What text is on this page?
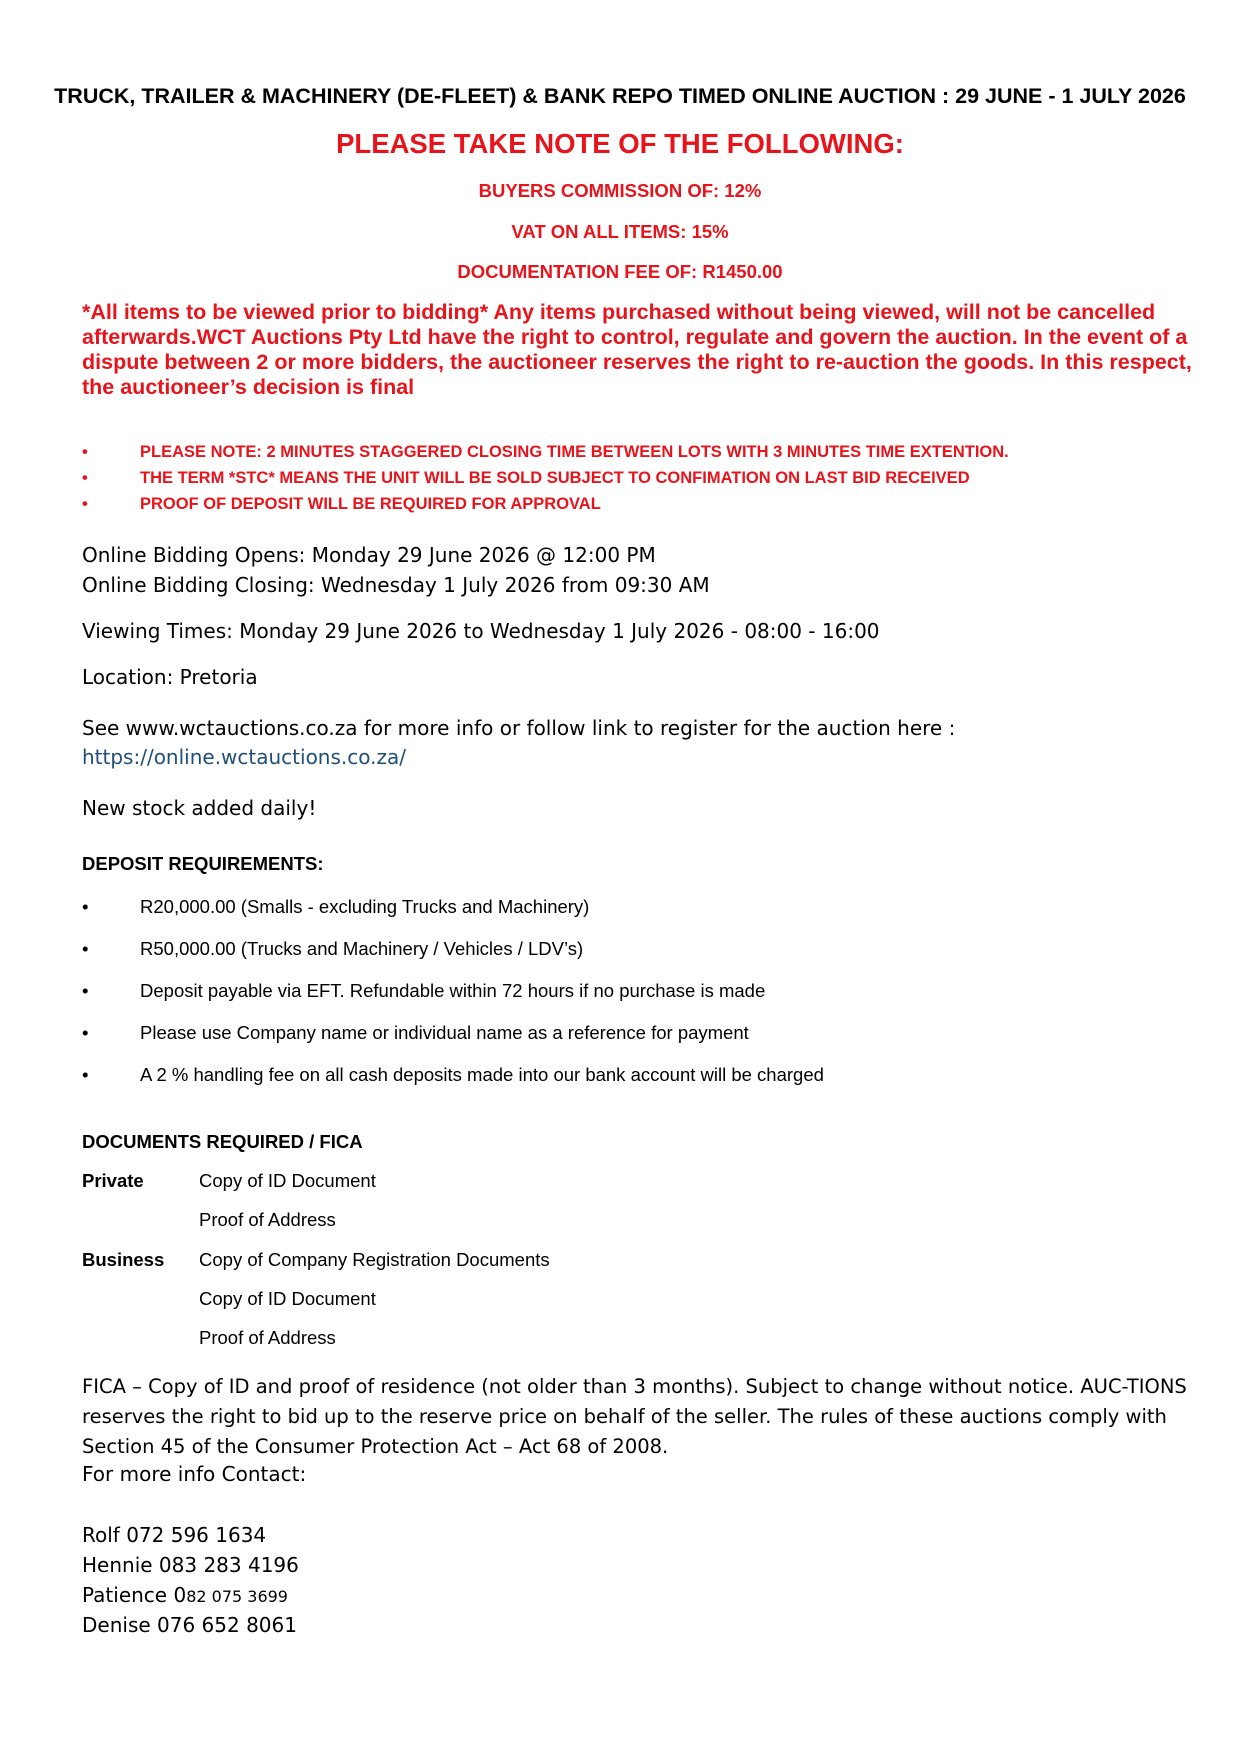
TRUCK, TRAILER & MACHINERY (DE-FLEET) & BANK REPO TIMED ONLINE AUCTION : 29 JUNE - 1 JULY 2026
PLEASE TAKE NOTE OF THE FOLLOWING:
BUYERS COMMISSION OF: 12%
VAT ON ALL ITEMS: 15%
DOCUMENTATION FEE OF: R1450.00
*All items to be viewed prior to bidding* Any items purchased without being viewed, will not be cancelled afterwards.WCT Auctions Pty Ltd have the right to control, regulate and govern the auction. In the event of a dispute between 2 or more bidders, the auctioneer reserves the right to re-auction the goods. In this respect, the auctioneer’s decision is final
•	PLEASE NOTE: 2 MINUTES STAGGERED CLOSING TIME BETWEEN LOTS WITH 3 MINUTES TIME EXTENTION.
•	THE TERM *STC* MEANS THE UNIT WILL BE SOLD SUBJECT TO CONFIMATION ON LAST BID RECEIVED
•	PROOF OF DEPOSIT WILL BE REQUIRED FOR APPROVAL
Online Bidding Opens: Monday 29 June 2026 @ 12:00 PM
Online Bidding Closing: Wednesday 1 July 2026 from 09:30 AM
Viewing Times: Monday 29 June 2026 to Wednesday 1 July 2026 - 08:00 - 16:00
Location: Pretoria
See www.wctauctions.co.za for more info or follow link to register for the auction here :
https://online.wctauctions.co.za/
New stock added daily!
DEPOSIT REQUIREMENTS:
•	R20,000.00 (Smalls - excluding Trucks and Machinery)
•	R50,000.00 (Trucks and Machinery / Vehicles / LDV’s)
•	Deposit payable via EFT. Refundable within 72 hours if no purchase is made
•	Please use Company name or individual name as a reference for payment
•	A 2 % handling fee on all cash deposits made into our bank account will be charged
DOCUMENTS REQUIRED / FICA
Private	Copy of ID Document
Proof of Address
Business Copy of Company Registration Documents
Copy of ID Document
Proof of Address
FICA – Copy of ID and proof of residence (not older than 3 months). Subject to change without notice. AUC-TIONS reserves the right to bid up to the reserve price on behalf of the seller. The rules of these auctions comply with Section 45 of the Consumer Protection Act – Act 68 of 2008.
For more info Contact:
Rolf 072 596 1634
Hennie 083 283 4196
Patience 082 075 3699
Denise 076 652 8061
